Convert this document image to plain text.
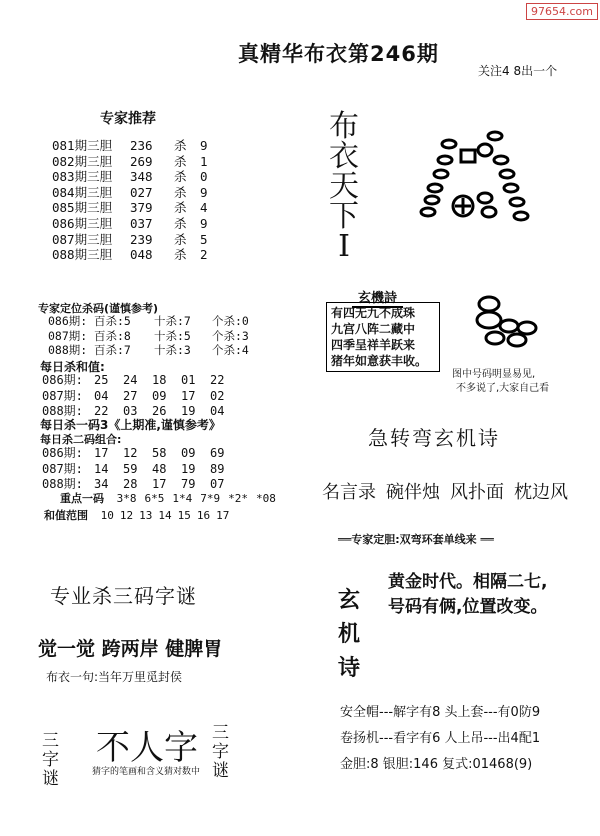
97654.com
真精华布衣第246期
关注4 8出一个
专家推荐
081期三胆	236	杀	9
082期三胆	269	杀	1
083期三胆	348	杀	0
084期三胆	027	杀	9
085期三胆	379	杀	4
086期三胆	037	杀	9
087期三胆	239	杀	5
088期三胆	048	杀	2
专家定位杀码(谨慎参考)
086期: 百杀:5 十杀:7 个杀:0
087期: 百杀:8 十杀:5 个杀:3
088期: 百杀:7 十杀:3 个杀:4
每日杀和值:
086期: 25 24 18 01 22
087期: 04 27 09 17 02
088期: 22 03 26 19 04
每日杀一码3《上期准,谨慎参考》
每日杀二码组合:
086期: 17 12 58 09 69
087期: 14 59 48 19 89
088期: 34 28 17 79 07
重点一码 3*8 6*5 1*4 7*9 *2* *08
和值范围 10 12 13 14 15 16 17
专业杀三码字谜
觉一觉 跨两岸 健脾胃
布衣一句:当年万里觅封侯
三字谜
不人字
猜字的笔画和含义猜对数中
三字谜
布衣天下Ⅰ
玄機詩
有四无九不成珠
九宫八阵二藏中
四季呈祥羊跃来
猪年如意获丰收。
图中号码明显易见,
不多说了,大家自己看
急转弯玄机诗
名言录 碗伴烛 风扑面 枕边风
══专家定胆:双弯环套单线来 ══
玄
机
诗
黄金时代。相隔二七,
号码有俩,位置改变。
安全帽---解字有8 头上套---有0防9
卷扬机---看字有6 人上吊---出4配1
金胆:8 银胆:146 复式:01468(9)
